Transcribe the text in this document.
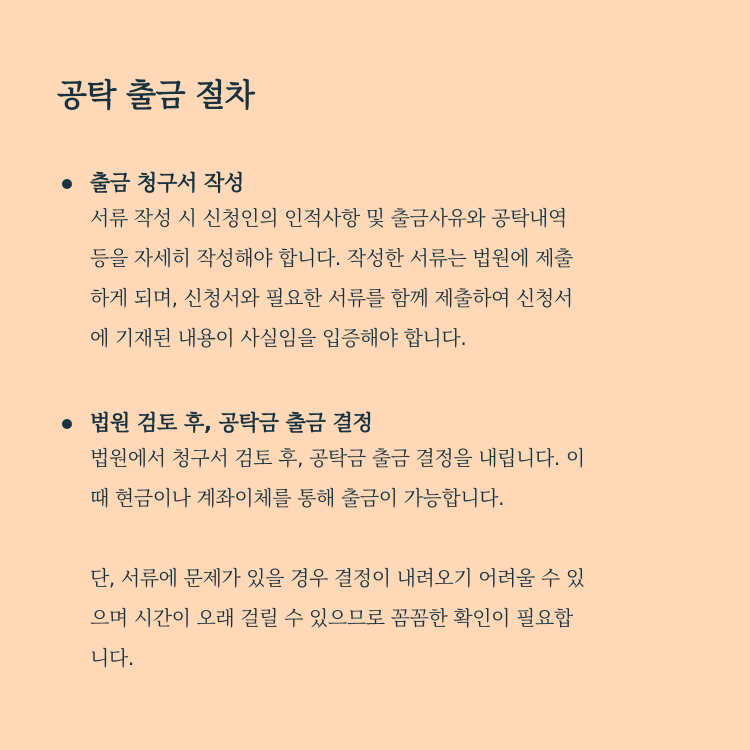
공탁 출금 절차
출금 청구서 작성
서류 작성 시 신청인의 인적사항 및 출금사유와 공탁내역
등을 자세히 작성해야 합니다. 작성한 서류는 법원에 제출
하게 되며, 신청서와 필요한 서류를 함께 제출하여 신청서
에 기재된 내용이 사실임을 입증해야 합니다.
법원 검토 후, 공탁금 출금 결정
법원에서 청구서 검토 후, 공탁금 출금 결정을 내립니다. 이
때 현금이나 계좌이체를 통해 출금이 가능합니다.
단, 서류에 문제가 있을 경우 결정이 내려오기 어려울 수 있
으며 시간이 오래 걸릴 수 있으므로 꼼꼼한 확인이 필요합
니다.
